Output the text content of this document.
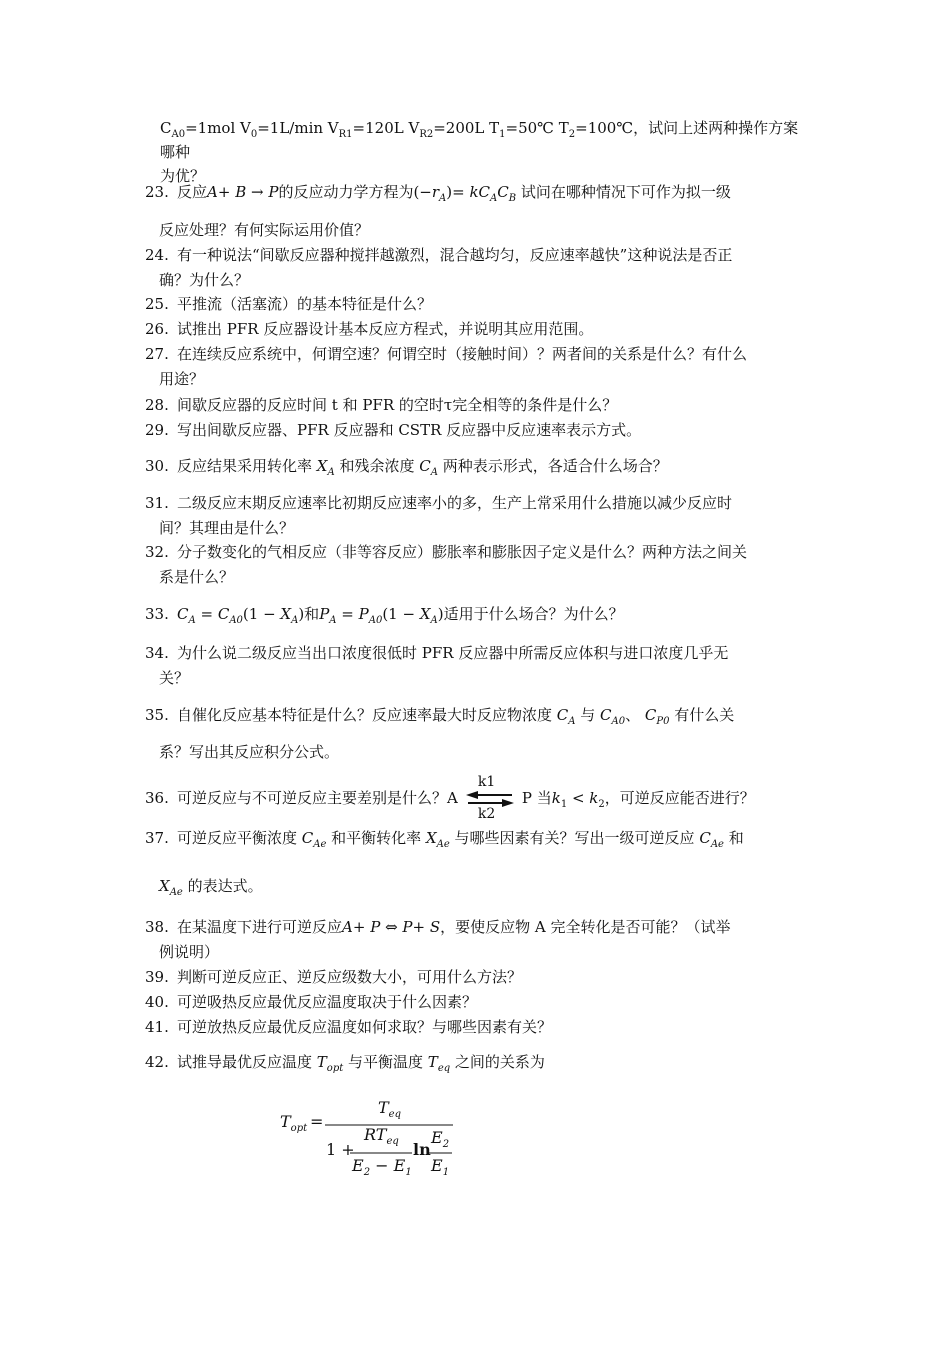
$C_{A0}=1mol$ $V_0=1L/\min$ $V_{R1}=120L$ $V_{R2}=200L$ $T_1=50℃$ $T_2=100℃$，试问上述两种操作方案哪种
为优？
23. 反应A+ B → P的反应动力学方程为$(-r_A)= kC_AC_B$ 试问在哪种情况下可作为拟一级
反应处理？有何实际运用价值？
24. 有一种说法“间歇反应器种搅拌越激烈，混合越均匀，反应速率越快”这种说法是否正
确？为什么？
25. 平推流（活塞流）的基本特征是什么？
26. 试推出 PFR 反应器设计基本反应方程式，并说明其应用范围。
27. 在连续反应系统中，何谓空速？何谓空时（接触时间）？两者间的关系是什么？有什么
用途？
28. 间歇反应器的反应时间 t 和 PFR 的空时τ完全相等的条件是什么？
29. 写出间歇反应器、PFR 反应器和 CSTR 反应器中反应速率表示方式。
30. 反应结果采用转化率 $X_A$ 和残余浓度 $C_A$ 两种表示形式，各适合什么场合？
31. 二级反应末期反应速率比初期反应速率小的多，生产上常采用什么措施以减少反应时
间？其理由是什么？
32. 分子数变化的气相反应（非等容反应）膨胀率和膨胀因子定义是什么？两种方法之间关
系是什么？
33. $C_A = C_{A0}(1 - X_A)$和$P_A = P_{A0}(1 - X_A)$适用于什么场合？为什么？
34. 为什么说二级反应当出口浓度很低时 PFR 反应器中所需反应体积与进口浓度几乎无
关？
35. 自催化反应基本特征是什么？反应速率最大时反应物浓度 $C_A$ 与 $C_{A0}$、 $C_{P0}$ 有什么关
系？写出其反应积分公式。
36. 可逆反应与不可逆反应主要差别是什么？A
k1
k2
P 当$k_1 < k_2$，可逆反应能否进行？
37. 可逆反应平衡浓度 $C_{Ae}$ 和平衡转化率 $X_{Ae}$ 与哪些因素有关？写出一级可逆反应 $C_{Ae}$ 和
$X_{Ae}$ 的表达式。
38. 在某温度下进行可逆反应A+ P ⇔ P+ S，要使反应物 A 完全转化是否可能？（试举
例说明）
39. 判断可逆反应正、逆反应级数大小，可用什么方法？
40. 可逆吸热反应最优反应温度取决于什么因素？
41. 可逆放热反应最优反应温度如何求取？与哪些因素有关？
42. 试推导最优反应温度 $T_{opt}$ 与平衡温度 $T_{eq}$ 之间的关系为
$T_{opt}$ =
$T_{eq}$
1 +
$RT_{eq}$
$E_2 - E_1$
ln
$E_2$
$E_1$
